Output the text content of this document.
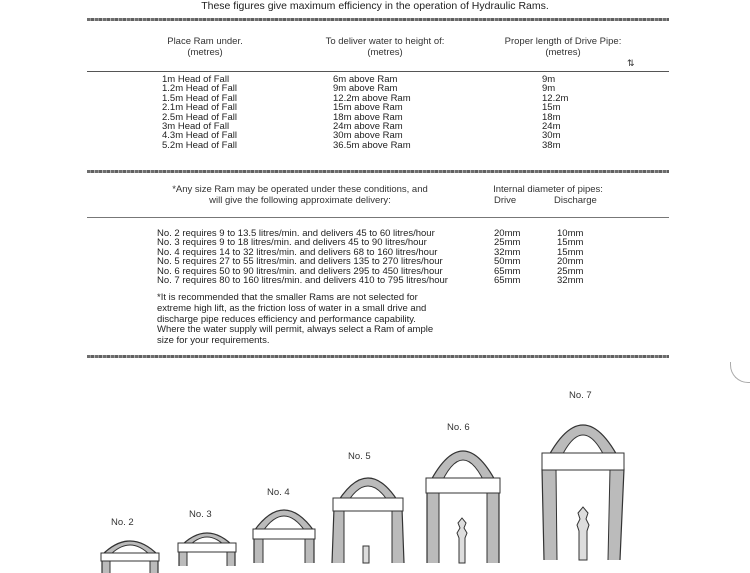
These figures give maximum efficiency in the operation of Hydraulic Rams.
Place Ram under.
(metres)
To deliver water to height of:
(metres)
Proper length of Drive Pipe:
(metres)
⇅
1m Head of Fall
1.2m Head of Fall
1.5m Head of Fall
2.1m Head of Fall
2.5m Head of Fall
3m Head of Fall
4.3m Head of Fall
5.2m Head of Fall
6m above Ram
9m above Ram
12.2m above Ram
15m above Ram
18m above Ram
24m above Ram
30m above Ram
36.5m above Ram
9m
9m
12.2m
15m
18m
24m
30m
38m
*Any size Ram may be operated under these conditions, and
will give the following approximate delivery:
Internal diameter of pipes:
Drive	Discharge
No. 2 requires 9 to 13.5 litres/min. and delivers 45 to 60 litres/hour
No. 3 requires 9 to 18 litres/min. and delivers 45 to 90 litres/hour
No. 4 requires 14 to 32 litres/min. and delivers 68 to 160 litres/hour
No. 5 requires 27 to 55 litres/min. and delivers 135 to 270 litres/hour
No. 6 requires 50 to 90 litres/min. and delivers 295 to 450 litres/hour
No. 7 requires 80 to 160 litres/min. and delivers 410 to 795 litres/hour
20mm
25mm
32mm
50mm
65mm
65mm
10mm
15mm
15mm
20mm
25mm
32mm
*It is recommended that the smaller Rams are not selected for
extreme high lift, as the friction loss of water in a small drive and
discharge pipe reduces efficiency and performance capability.
Where the water supply will permit, always select a Ram of ample
size for your requirements.
No. 2
No. 3
No. 4
No. 5
No. 6
No. 7
